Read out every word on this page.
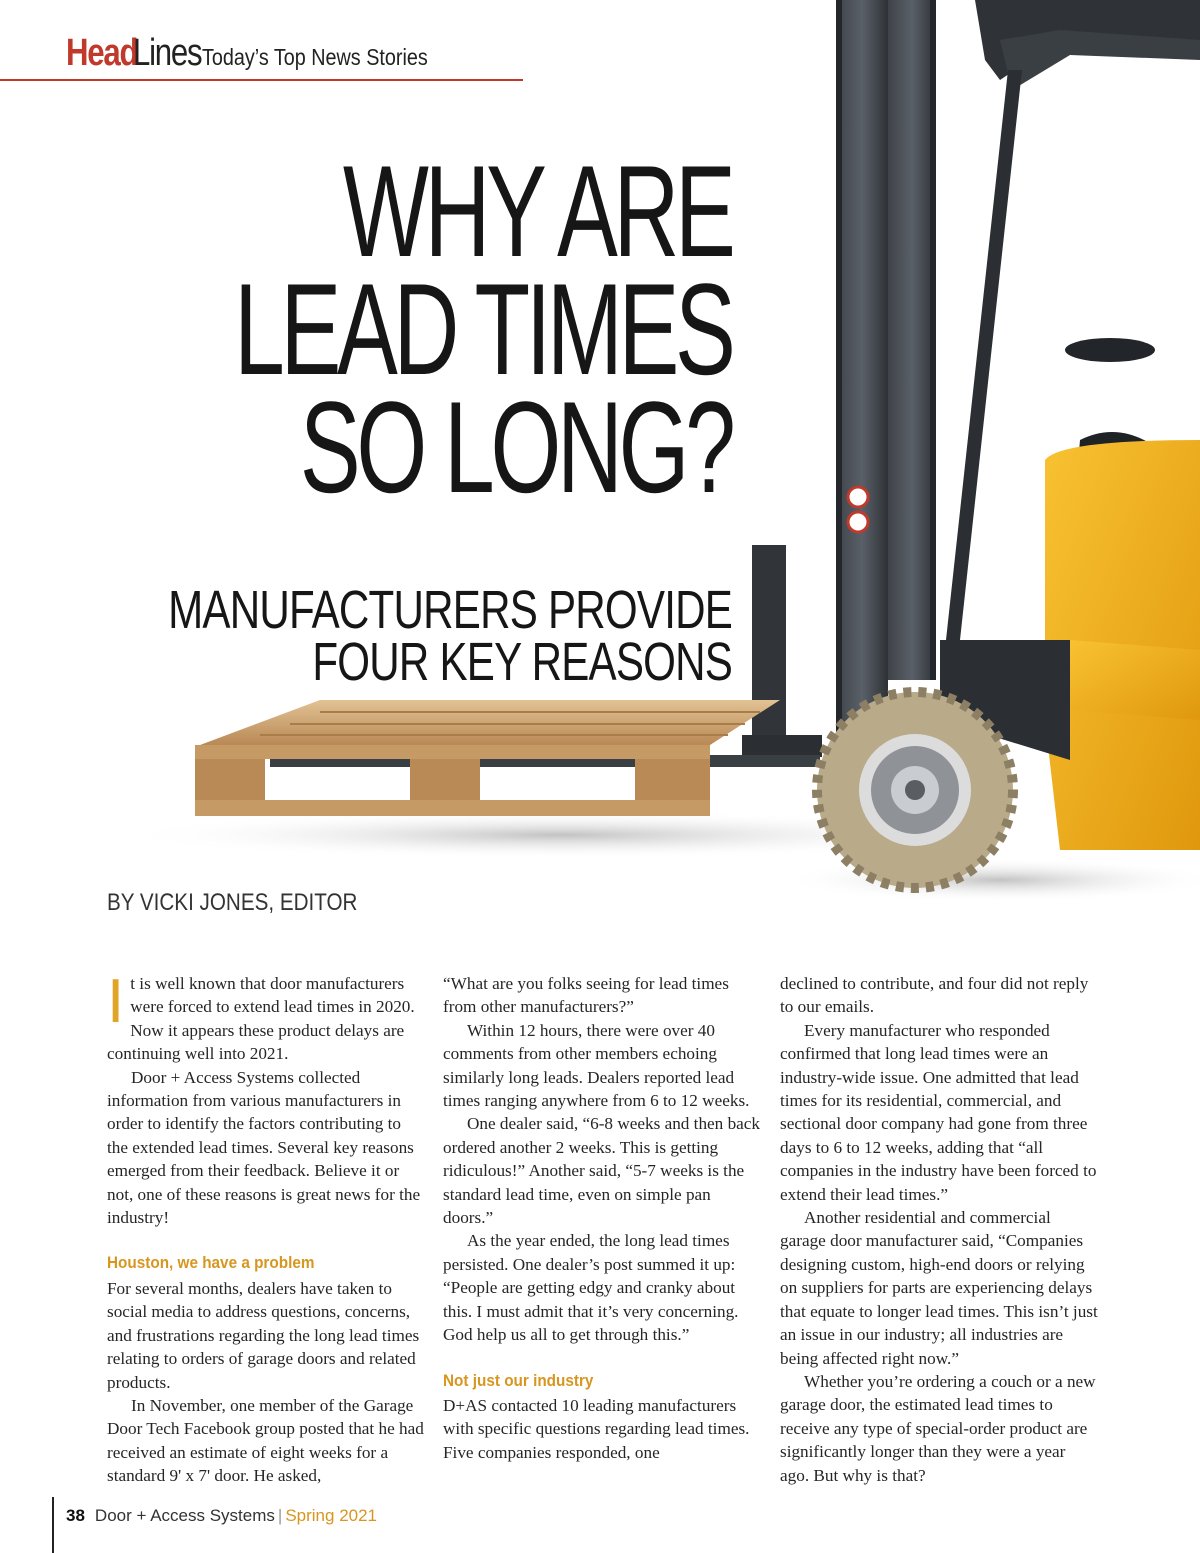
Head
Lines Today’s Top News Stories
WHY ARE
LEAD TIMES
SO LONG?
MANUFACTURERS PROVIDE
FOUR KEY REASONS
BY VICKI JONES, EDITOR

It is well known that door manufacturers were forced to extend lead times in 2020. Now it appears these product delays are continuing well into 2021.

Door + Access Systems collected information from various manufacturers in order to identify the factors contributing to the extended lead times. Several key reasons emerged from their feedback. Believe it or not, one of these reasons is great news for the industry!

Houston, we have a problem

For several months, dealers have taken to social media to address questions, concerns, and frustrations regarding the long lead times relating to orders of garage doors and related products.

In November, one member of the Garage Door Tech Facebook group posted that he had received an estimate of eight weeks for a standard 9' x 7' door. He asked,

“What are you folks seeing for lead times from other manufacturers?”

Within 12 hours, there were over 40 comments from other members echoing similarly long leads. Dealers reported lead times ranging anywhere from 6 to 12 weeks.

One dealer said, “6-8 weeks and then back ordered another 2 weeks. This is getting ridiculous!” Another said, “5-7 weeks is the standard lead time, even on simple pan doors.”

As the year ended, the long lead times persisted. One dealer’s post summed it up: “People are getting edgy and cranky about this. I must admit that it’s very concerning. God help us all to get through this.”

Not just our industry

D+AS contacted 10 leading manufacturers with specific questions regarding lead times. Five companies responded, one

declined to contribute, and four did not reply to our emails.

Every manufacturer who responded confirmed that long lead times were an industry-wide issue. One admitted that lead times for its residential, commercial, and sectional door company had gone from three days to 6 to 12 weeks, adding that “all companies in the industry have been forced to extend their lead times.”

Another residential and commercial garage door manufacturer said, “Companies designing custom, high-end doors or relying on suppliers for parts are experiencing delays that equate to longer lead times. This isn’t just an issue in our industry; all industries are being affected right now.”

Whether you’re ordering a couch or a new garage door, the estimated lead times to receive any type of special-order product are significantly longer than they were a year ago. But why is that?

38 Door + Access Systems | Spring 2021
